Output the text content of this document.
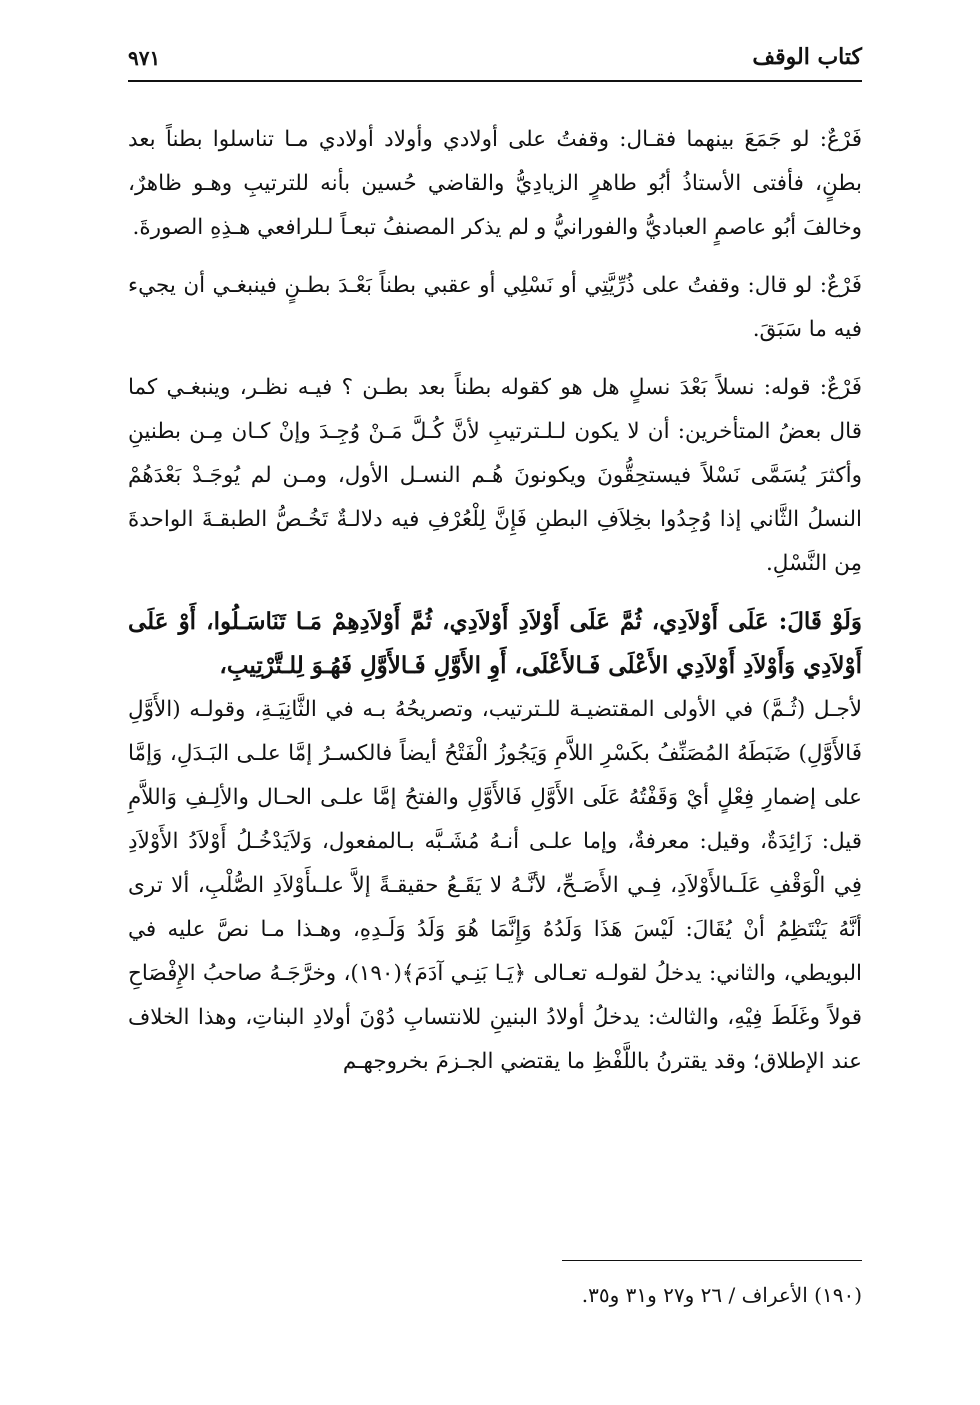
كتاب الوقف
٩٧١

فَرْعٌ: لو جَمَعَ بينهما فقـال: وقفتُ على أولادي وأولاد أولادي مـا تناسلوا بطناً بعد بطنٍ، فأفتى الأستاذُ أبُو طاهرٍ الزيادِيُّ والقاضي حُسين بأنه للترتيبِ وهـو ظاهرٌ، وخالفَ أبُو عاصمٍ العباديُّ والفورانيُّ و لم يذكر المصنفُ تبعـاً لـلرافعي هـذِهِ الصورةَ.

فَرْعٌ: لو قال: وقفتُ على ذُرِّيَّتِي أو نَسْلِي أو عقبي بطناً بَعْـدَ بطـنٍ فينبغـي أن يجيء فيه ما سَبَقَ.

فَرْعٌ: قوله: نسلاً بَعْدَ نسلٍ هل هو كقوله بطناً بعد بطـن ؟ فيـه نظـر، وينبغـي كما قال بعضُ المتأخرين: أن لا يكون لـلـترتيبِ لأنَّ كُـلَّ مَـنْ وُجِـدَ وإنْ كـان مِـن بطنينِ وأكثرَ يُسَمَّى نَسْلاً فيستحِقُّونَ ويكونونَ هُـم النسـل الأول، ومـن لم يُوجَـدْ بَعْدَهُمْ النسلُ الثَّاني إذا وُجِدُوا بخِلاَفِ البطنِ فَإِنَّ لِلْعُرْفِ فيه دلالـةٌ تَخُـصُّ الطبقـةَ الواحدةَ مِن النَّسْلِ.

وَلَوْ قَالَ: عَلَى أَوْلاَدِي، ثُمَّ عَلَى أَوْلاَدِ أَوْلاَدِي، ثُمَّ أَوْلاَدِهِمْ مَـا تَنَاسَـلُوا، أَوْ عَلَى أَوْلاَدِي وَأَوْلاَدِ أَوْلاَدِي الأَعْلَى فَـالأَعْلَى، أَوِ الأَوَّلِ فَـالأَوَّلِ فَهُـوَ لِلـتَّرْتِيبِ،

لأجـل (ثُـمَّ) في الأولى المقتضيـة للـترتيب، وتصريحُهُ بـه في الثَّانِيَـةِ، وقولـه (الأَوَّلِ فَالأَوَّلِ) ضَبَطَهُ المُصَنِّفُ بكَسْرِ اللاَّمِ وَيَجُوزُ الْفَتْحُ أيضاً فالكسـرُ إمَّا علـى البَـدَلِ، وَإمَّا على إضمارِ فِعْلٍ أيْ وَقَفْتُهُ عَلَى الأَوَّلِ فَالأَوَّلِ والفتحُ إمَّا علـى الحـال والألِـفِ وَاللاَّمِ قيل: زَائِدَةٌ، وقيل: معرفةٌ، وإما علـى أنـهُ مُشَـبَّه بـالمفعول، وَلاَيَدْخُـلُ أَوْلاَدُ الأَوْلاَدِ فِي الْوَقْفِ عَلَـىالأَوْلاَدِ، فِـي الأَصَـحِّ، لأنَّـهُ لا يَقَـعُ حقيقـةً إلاَّ علـىأَوْلاَدِ الصُّلْبِ، ألا ترى أنَّهُ يَنْتَظِمُ أنْ يُقَالَ: لَيْسَ هَذَا وَلَدُهُ وَإِنَّمَا هُوَ وَلَدُ وَلَـدِهِ، وهـذا مـا نصَّ عليه في البويطي، والثاني: يدخلُ لقولـه تعـالى ﴿يَـا بَنِـي آدَمَ﴾(١٩٠)، وخرَّجَـهُ صاحبُ الإِفْصَاحِ قولاً وغَلَطَ فِيْهِ، والثالث: يدخلُ أولادُ البنينِ للانتسابِ دُوْنَ أولادِ البناتِ، وهذا الخلاف عند الإطلاق؛ وقد يقترنُ باللَّفْظِ ما يقتضي الجـزمَ بخروجهـم

(١٩٠) الأعراف / ٢٦ و٢٧ و٣١ و٣٥.
